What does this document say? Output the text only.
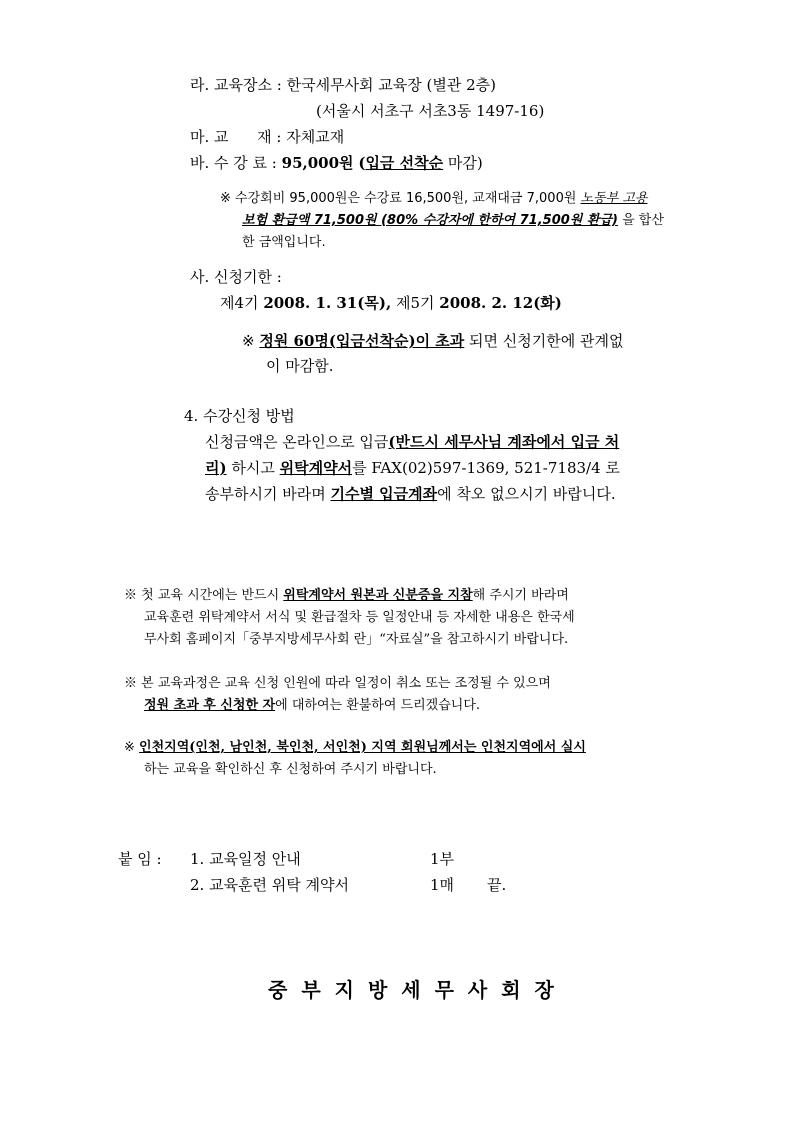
라. 교육장소 : 한국세무사회 교육장 (별관 2층)
(서울시 서초구 서초3동 1497-16)
마. 교      재 : 자체교재
바. 수 강 료 : 95,000원 (입금 선착순 마감)
※ 수강회비 95,000원은 수강료 16,500원, 교재대금 7,000원 노동부 고용
보험 환급액 71,500원 (80% 수강자에 한하여 71,500원 환급) 을 합산
한 금액입니다.
사. 신청기한 :
제4기 2008. 1. 31(목), 제5기 2008. 2. 12(화)
※ 정원 60명(입금선착순)이 초과 되면 신청기한에 관계없
이 마감함.
4. 수강신청 방법
신청금액은 온라인으로 입금(반드시 세무사님 계좌에서 입금 처
리) 하시고 위탁계약서를 FAX(02)597-1369, 521-7183/4 로
송부하시기 바라며 기수별 입금계좌에 착오 없으시기 바랍니다.
※ 첫 교육 시간에는 반드시 위탁계약서 원본과 신분증을 지참해 주시기 바라며
교육훈련 위탁계약서 서식 및 환급절차 등 일정안내 등 자세한 내용은 한국세
무사회 홈페이지「중부지방세무사회 란」“자료실”을 참고하시기 바랍니다.
※ 본 교육과정은 교육 신청 인원에 따라 일정이 취소 또는 조정될 수 있으며
정원 초과 후 신청한 자에 대하여는 환불하여 드리겠습니다.
※ 인천지역(인천, 남인천, 북인천, 서인천) 지역 회원님께서는 인천지역에서 실시
하는 교육을 확인하신 후 신청하여 주시기 바랍니다.
붙 임 : 1. 교육일정 안내	1부
2. 교육훈련 위탁 계약서	1매 끝.
중부지방세무사회장
